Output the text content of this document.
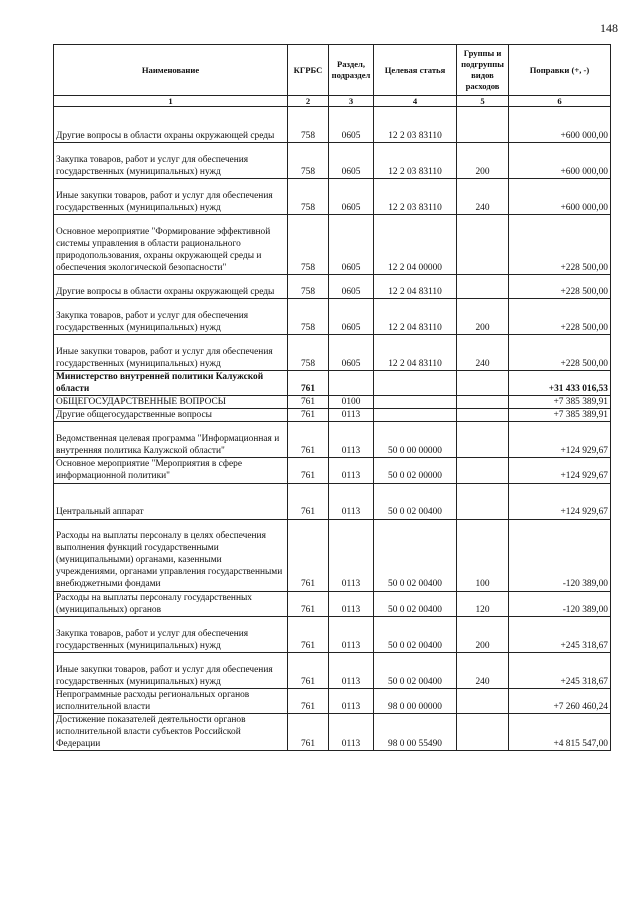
148
Наименование	КГРБС	Раздел, подраздел	Целевая статья	Группы и подгруппы видов расходов	Поправки (+, -)
1	2	3	4	5	6
Другие вопросы в области охраны окружающей среды	758	0605	12 2 03 83110		+600 000,00
Закупка товаров, работ и услуг для обеспечения государственных (муниципальных) нужд	758	0605	12 2 03 83110	200	+600 000,00
Иные закупки товаров, работ и услуг для обеспечения государственных (муниципальных) нужд	758	0605	12 2 03 83110	240	+600 000,00
Основное мероприятие "Формирование эффективной системы управления в области рационального природопользования, охраны окружающей среды и обеспечения экологической безопасности"	758	0605	12 2 04 00000		+228 500,00
Другие вопросы в области охраны окружающей среды	758	0605	12 2 04 83110		+228 500,00
Закупка товаров, работ и услуг для обеспечения государственных (муниципальных) нужд	758	0605	12 2 04 83110	200	+228 500,00
Иные закупки товаров, работ и услуг для обеспечения государственных (муниципальных) нужд	758	0605	12 2 04 83110	240	+228 500,00
Министерство внутренней политики Калужской области	761				+31 433 016,53
ОБЩЕГОСУДАРСТВЕННЫЕ ВОПРОСЫ	761	0100			+7 385 389,91
Другие общегосударственные вопросы	761	0113			+7 385 389,91
Ведомственная целевая программа "Информационная и внутренняя политика Калужской области"	761	0113	50 0 00 00000		+124 929,67
Основное мероприятие "Мероприятия в сфере информационной политики"	761	0113	50 0 02 00000		+124 929,67
Центральный аппарат	761	0113	50 0 02 00400		+124 929,67
Расходы на выплаты персоналу в целях обеспечения выполнения функций государственными (муниципальными) органами, казенными учреждениями, органами управления государственными внебюджетными фондами	761	0113	50 0 02 00400	100	-120 389,00
Расходы на выплаты персоналу государственных (муниципальных) органов	761	0113	50 0 02 00400	120	-120 389,00
Закупка товаров, работ и услуг для обеспечения государственных (муниципальных) нужд	761	0113	50 0 02 00400	200	+245 318,67
Иные закупки товаров, работ и услуг для обеспечения государственных (муниципальных) нужд	761	0113	50 0 02 00400	240	+245 318,67
Непрограммные расходы региональных органов исполнительной власти	761	0113	98 0 00 00000		+7 260 460,24
Достижение показателей деятельности органов исполнительной власти субъектов Российской Федерации	761	0113	98 0 00 55490		+4 815 547,00
